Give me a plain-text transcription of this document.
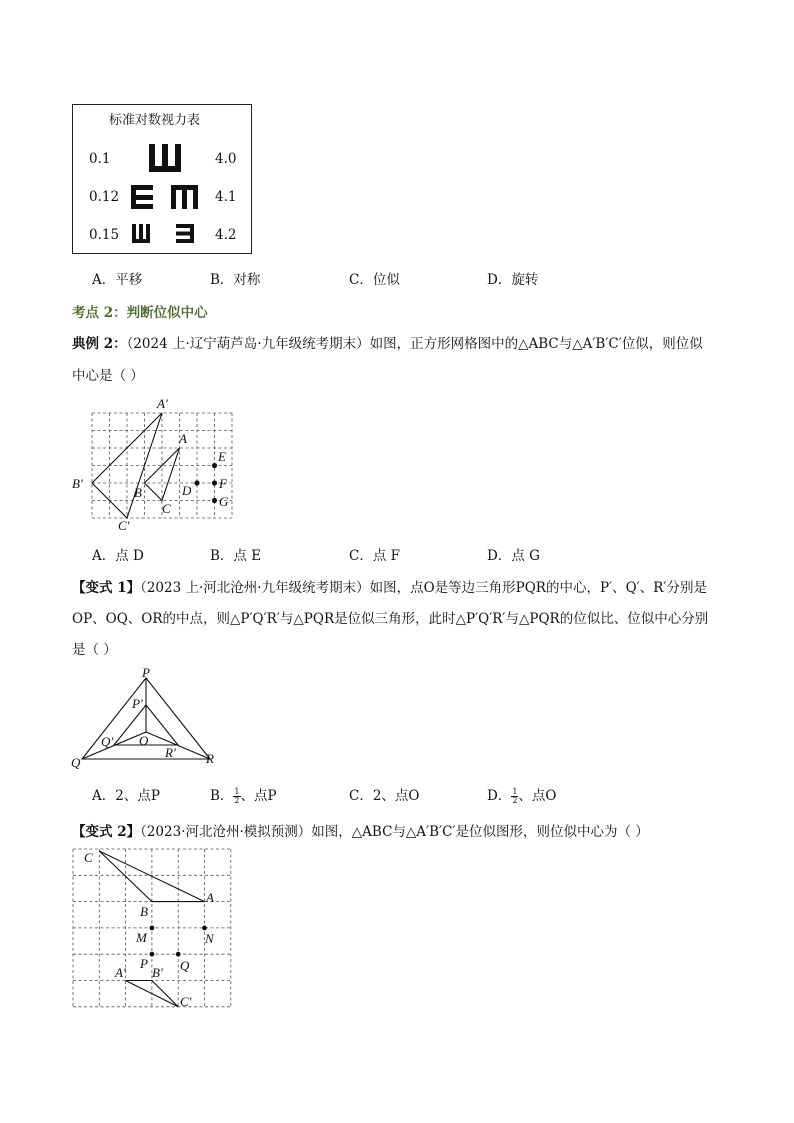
标准对数视力表
0.1	4.0
0.12	4.1
0.15	4.2
A．平移	B．对称	C．位似	D．旋转
考点 2：判断位似中心
典例 2：（2024 上·辽宁葫芦岛·九年级统考期末）如图，正方形网格图中的△ABC与△A′B′C′位似，则位似
中心是（ ）
A′
A
E
B′
B	D F
G
C
C′
A．点 D	B．点 E	C．点 F	D．点 G
【变式 1】（2023 上·河北沧州·九年级统考期末）如图，点O是等边三角形PQR的中心，P′、Q′、R′分别是
OP、OQ、OR的中点，则△P′Q′R′与△PQR是位似三角形，此时△P′Q′R′与△PQR的位似比、位似中心分别
是（ ）
P
P′
Q′ O
R′
Q	R
A．2、点P	B． $\frac{1}{2}$ 、点P	C．2、点O	D． $\frac{1}{2}$ 、点O
【变式 2】（2023·河北沧州·模拟预测）如图，△ABC与△A′B′C′是位似图形，则位似中心为（ ）
C
A
B
M	N
P Q
A′ B′
C′
